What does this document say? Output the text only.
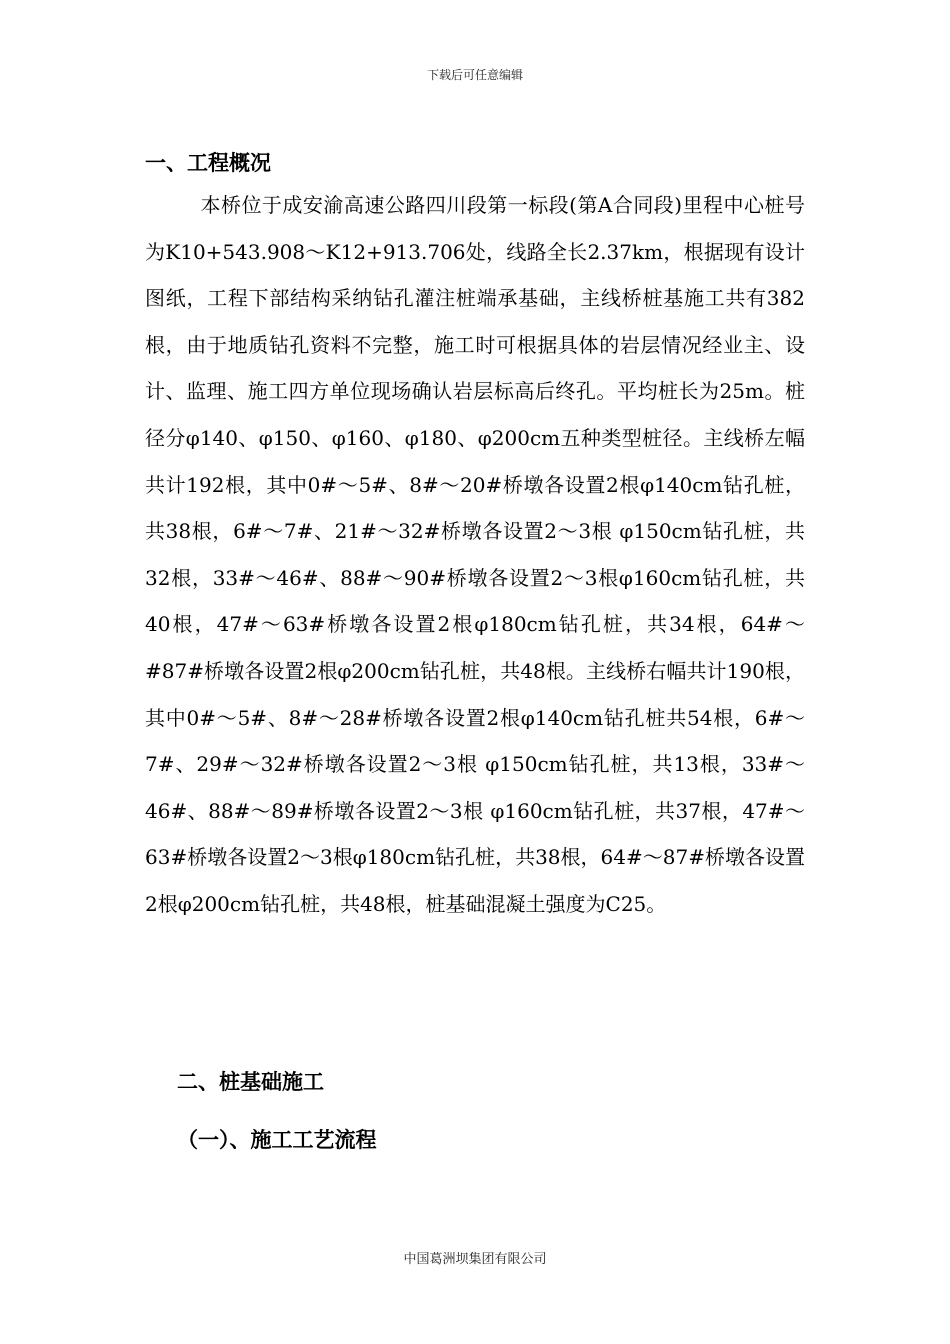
下载后可任意编辑
一、工程概况

本桥位于成安渝高速公路四川段第一标段(第A合同段)里程中心桩号为K10+543.908～K12+913.706处，线路全长2.37km，根据现有设计图纸，工程下部结构采纳钻孔灌注桩端承基础，主线桥桩基施工共有382根，由于地质钻孔资料不完整，施工时可根据具体的岩层情况经业主、设计、监理、施工四方单位现场确认岩层标高后终孔。平均桩长为25m。桩径分φ140、φ150、φ160、φ180、φ200cm五种类型桩径。主线桥左幅共计192根，其中0#～5#、8#～20#桥墩各设置2根φ140cm钻孔桩，共38根，6#～7#、21#～32#桥墩各设置2～3根 φ150cm钻孔桩，共32根，33#～46#、88#～90#桥墩各设置2～3根φ160cm钻孔桩，共40根，47#～63#桥墩各设置2根φ180cm钻孔桩，共34根，64#～#87#桥墩各设置2根φ200cm钻孔桩，共48根。主线桥右幅共计190根，其中0#～5#、8#～28#桥墩各设置2根φ140cm钻孔桩共54根，6#～7#、29#～32#桥墩各设置2～3根 φ150cm钻孔桩，共13根，33#～46#、88#～89#桥墩各设置2～3根 φ160cm钻孔桩，共37根，47#～63#桥墩各设置2～3根φ180cm钻孔桩，共38根，64#～87#桥墩各设置2根φ200cm钻孔桩，共48根，桩基础混凝土强度为C25。

二、桩基础施工
（一）、施工工艺流程
中国葛洲坝集团有限公司
